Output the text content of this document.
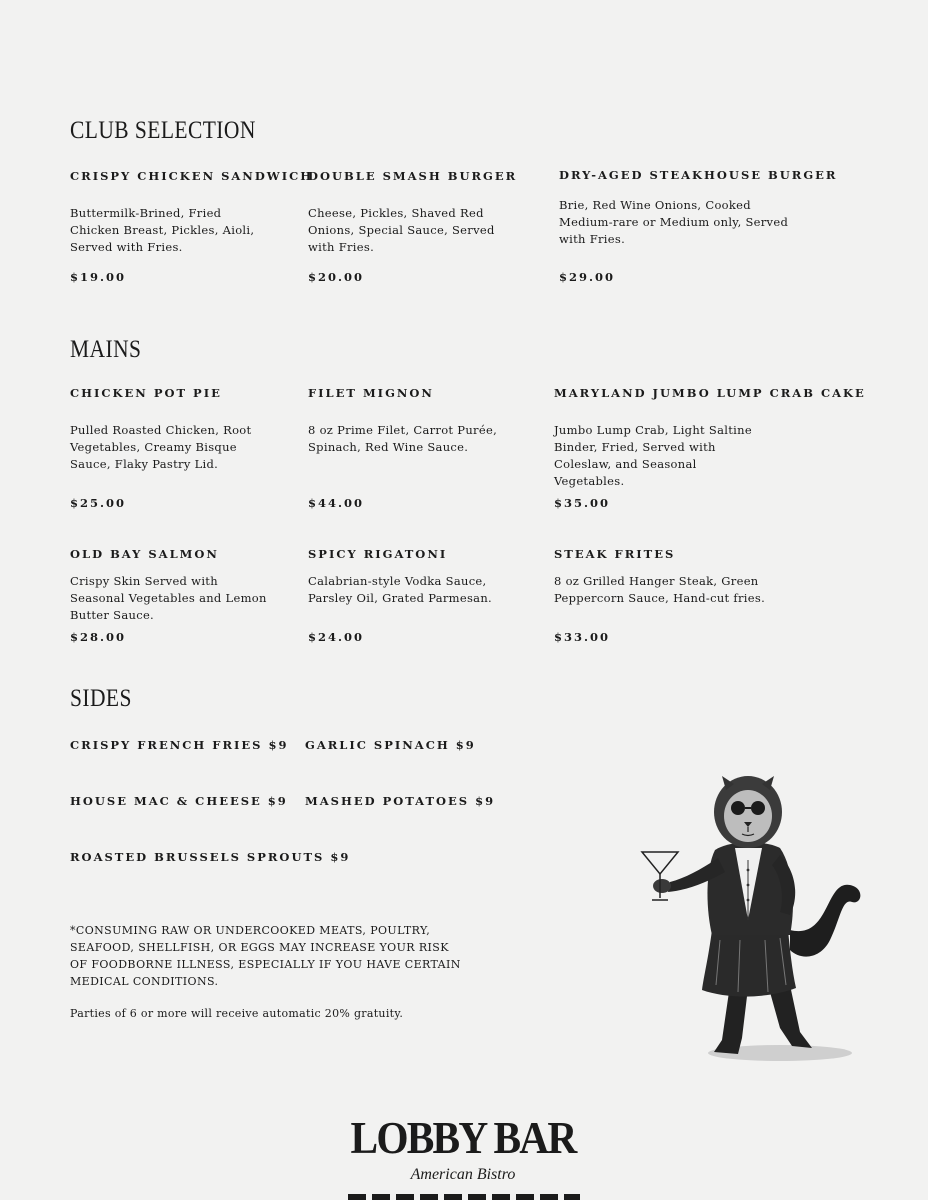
CLUB SELECTION
CRISPY CHICKEN SANDWICH
Buttermilk-Brined, Fried Chicken Breast, Pickles, Aioli, Served with Fries.
$19.00
DOUBLE SMASH BURGER
Cheese, Pickles, Shaved Red Onions, Special Sauce, Served with Fries.
$20.00
DRY-AGED STEAKHOUSE BURGER
Brie, Red Wine Onions, Cooked Medium-rare or Medium only, Served with Fries.
$29.00
MAINS
CHICKEN POT PIE
Pulled Roasted Chicken, Root Vegetables, Creamy Bisque Sauce, Flaky Pastry Lid.
$25.00
FILET MIGNON
8 oz Prime Filet, Carrot Purée, Spinach, Red Wine Sauce.
$44.00
MARYLAND JUMBO LUMP CRAB CAKE
Jumbo Lump Crab, Light Saltine Binder, Fried, Served with Coleslaw, and Seasonal Vegetables.
$35.00
OLD BAY SALMON
Crispy Skin Served with Seasonal Vegetables and Lemon Butter Sauce.
$28.00
SPICY RIGATONI
Calabrian-style Vodka Sauce, Parsley Oil, Grated Parmesan.
$24.00
STEAK FRITES
8 oz Grilled Hanger Steak, Green Peppercorn Sauce, Hand-cut fries.
$33.00
SIDES
CRISPY FRENCH FRIES $9 GARLIC SPINACH $9
HOUSE MAC & CHEESE $9 MASHED POTATOES $9
ROASTED BRUSSELS SPROUTS $9
*CONSUMING RAW OR UNDERCOOKED MEATS, POULTRY, SEAFOOD, SHELLFISH, OR EGGS MAY INCREASE YOUR RISK OF FOODBORNE ILLNESS, ESPECIALLY IF YOU HAVE CERTAIN MEDICAL CONDITIONS.
Parties of 6 or more will receive automatic 20% gratuity.
LOBBY BAR
American Bistro
